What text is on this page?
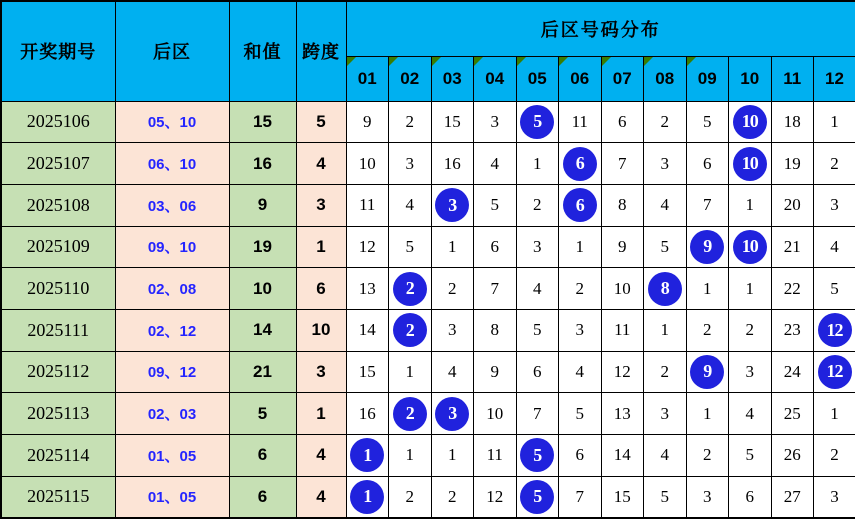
开奖期号	后区	和值	跨度	后区号码分布											

01	02	03	04	05	06	07	08	09	10	11	12
2025106	05、10	15	5	9	2	15	3	5	11	6	2	5	10	18	1
2025107	06、10	16	4	10	3	16	4	1	6	7	3	6	10	19	2
2025108	03、06	9	3	11	4	3	5	2	6	8	4	7	1	20	3
2025109	09、10	19	1	12	5	1	6	3	1	9	5	9	10	21	4
2025110	02、08	10	6	13	2	2	7	4	2	10	8	1	1	22	5
2025111	02、12	14	10	14	2	3	8	5	3	11	1	2	2	23	12
2025112	09、12	21	3	15	1	4	9	6	4	12	2	9	3	24	12
2025113	02、03	5	1	16	2	3	10	7	5	13	3	1	4	25	1
2025114	01、05	6	4	1	1	1	11	5	6	14	4	2	5	26	2
2025115	01、05	6	4	1	2	2	12	5	7	15	5	3	6	27	3
